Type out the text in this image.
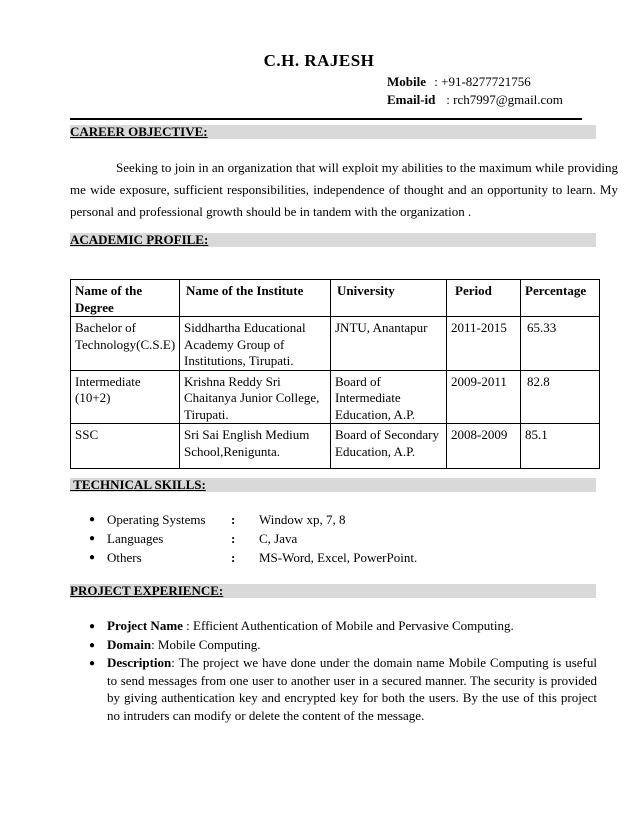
C.H. RAJESH
Mobile : +91-8277721756
Email-id : rch7997@gmail.com
CAREER OBJECTIVE:
Seeking to join in an organization that will exploit my abilities to the maximum while providing me wide exposure, sufficient responsibilities, independence of thought and an opportunity to learn. My personal and professional growth should be in tandem with the organization .
ACADEMIC PROFILE:
Name of the Degree	Name of the Institute	University	Period	Percentage
Bachelor of Technology(C.S.E)	Siddhartha Educational Academy Group of Institutions, Tirupati.	JNTU, Anantapur	2011-2015	65.33
Intermediate (10+2)	Krishna Reddy Sri Chaitanya Junior College, Tirupati.	Board of Intermediate Education, A.P.	2009-2011	82.8
SSC	Sri Sai English Medium School,Renigunta.	Board of Secondary Education, A.P.	2008-2009	85.1
TECHNICAL SKILLS:
● Operating Systems	:	Window xp, 7, 8
● Languages	:	C, Java
● Others	:	MS-Word, Excel, PowerPoint.
PROJECT EXPERIENCE:
● Project Name : Efficient Authentication of Mobile and Pervasive Computing.
● Domain: Mobile Computing.
● Description: The project we have done under the domain name Mobile Computing is useful to send messages from one user to another user in a secured manner. The security is provided by giving authentication key and encrypted key for both the users. By the use of this project no intruders can modify or delete the content of the message.
